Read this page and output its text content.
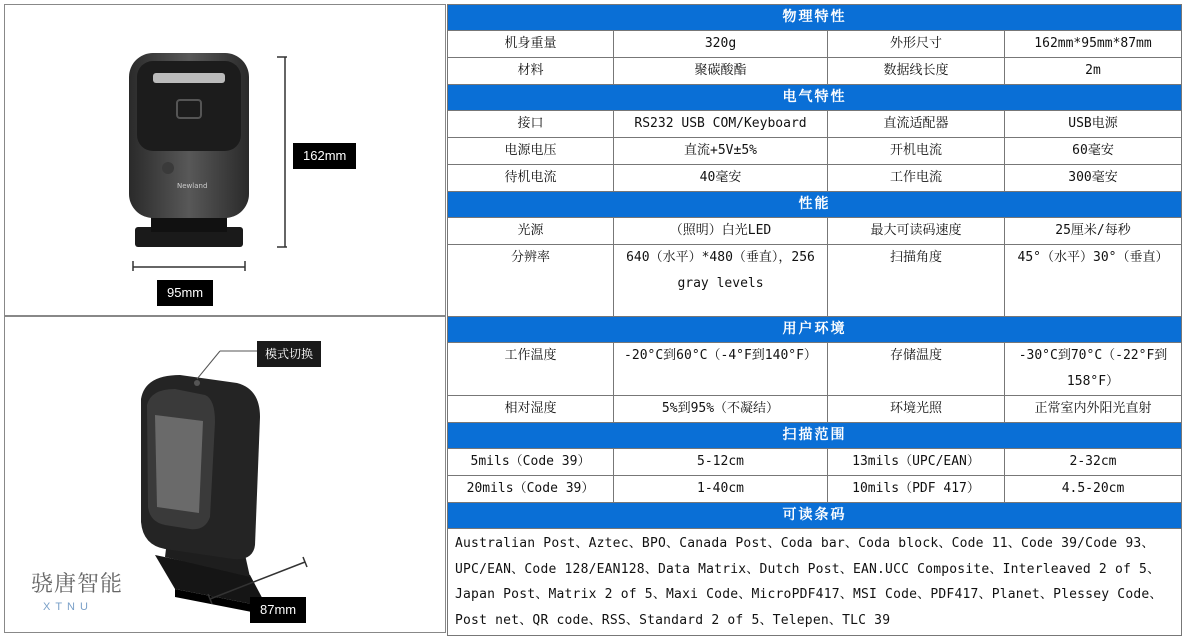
Newland
162mm
95mm
模式切换
87mm
骁唐智能
XTNU
物理特性			
机身重量	320g	外形尺寸	162mm*95mm*87mm
材料	聚碳酸酯	数据线长度	2m
电气特性			
接口	RS232 USB COM/Keyboard	直流适配器	USB电源
电源电压	直流+5V±5%	开机电流	60毫安
待机电流	40毫安	工作电流	300毫安
性能			
光源	（照明）白光LED	最大可读码速度	25厘米/每秒
分辨率	640（水平）*480（垂直），256 gray levels	扫描角度	45°（水平）30°（垂直）
用户环境			
工作温度	-20°C到60°C（-4°F到140°F）	存储温度	-30°C到70°C（-22°F到158°F）
相对湿度	5%到95%（不凝结）	环境光照	正常室内外阳光直射
扫描范围			
5mils（Code 39）	5-12cm	13mils（UPC/EAN）	2-32cm
20mils（Code 39）	1-40cm	10mils（PDF 417）	4.5-20cm
可读条码			
Australian Post、Aztec、BPO、Canada Post、Coda bar、Coda block、Code 11、Code 39/Code 93、UPC/EAN、Code 128/EAN128、Data Matrix、Dutch Post、EAN.UCC Composite、Interleaved 2 of 5、Japan Post、Matrix 2 of 5、Maxi Code、MicroPDF417、MSI Code、PDF417、Planet、Plessey Code、Post net、QR code、RSS、Standard 2 of 5、Telepen、TLC 39			
